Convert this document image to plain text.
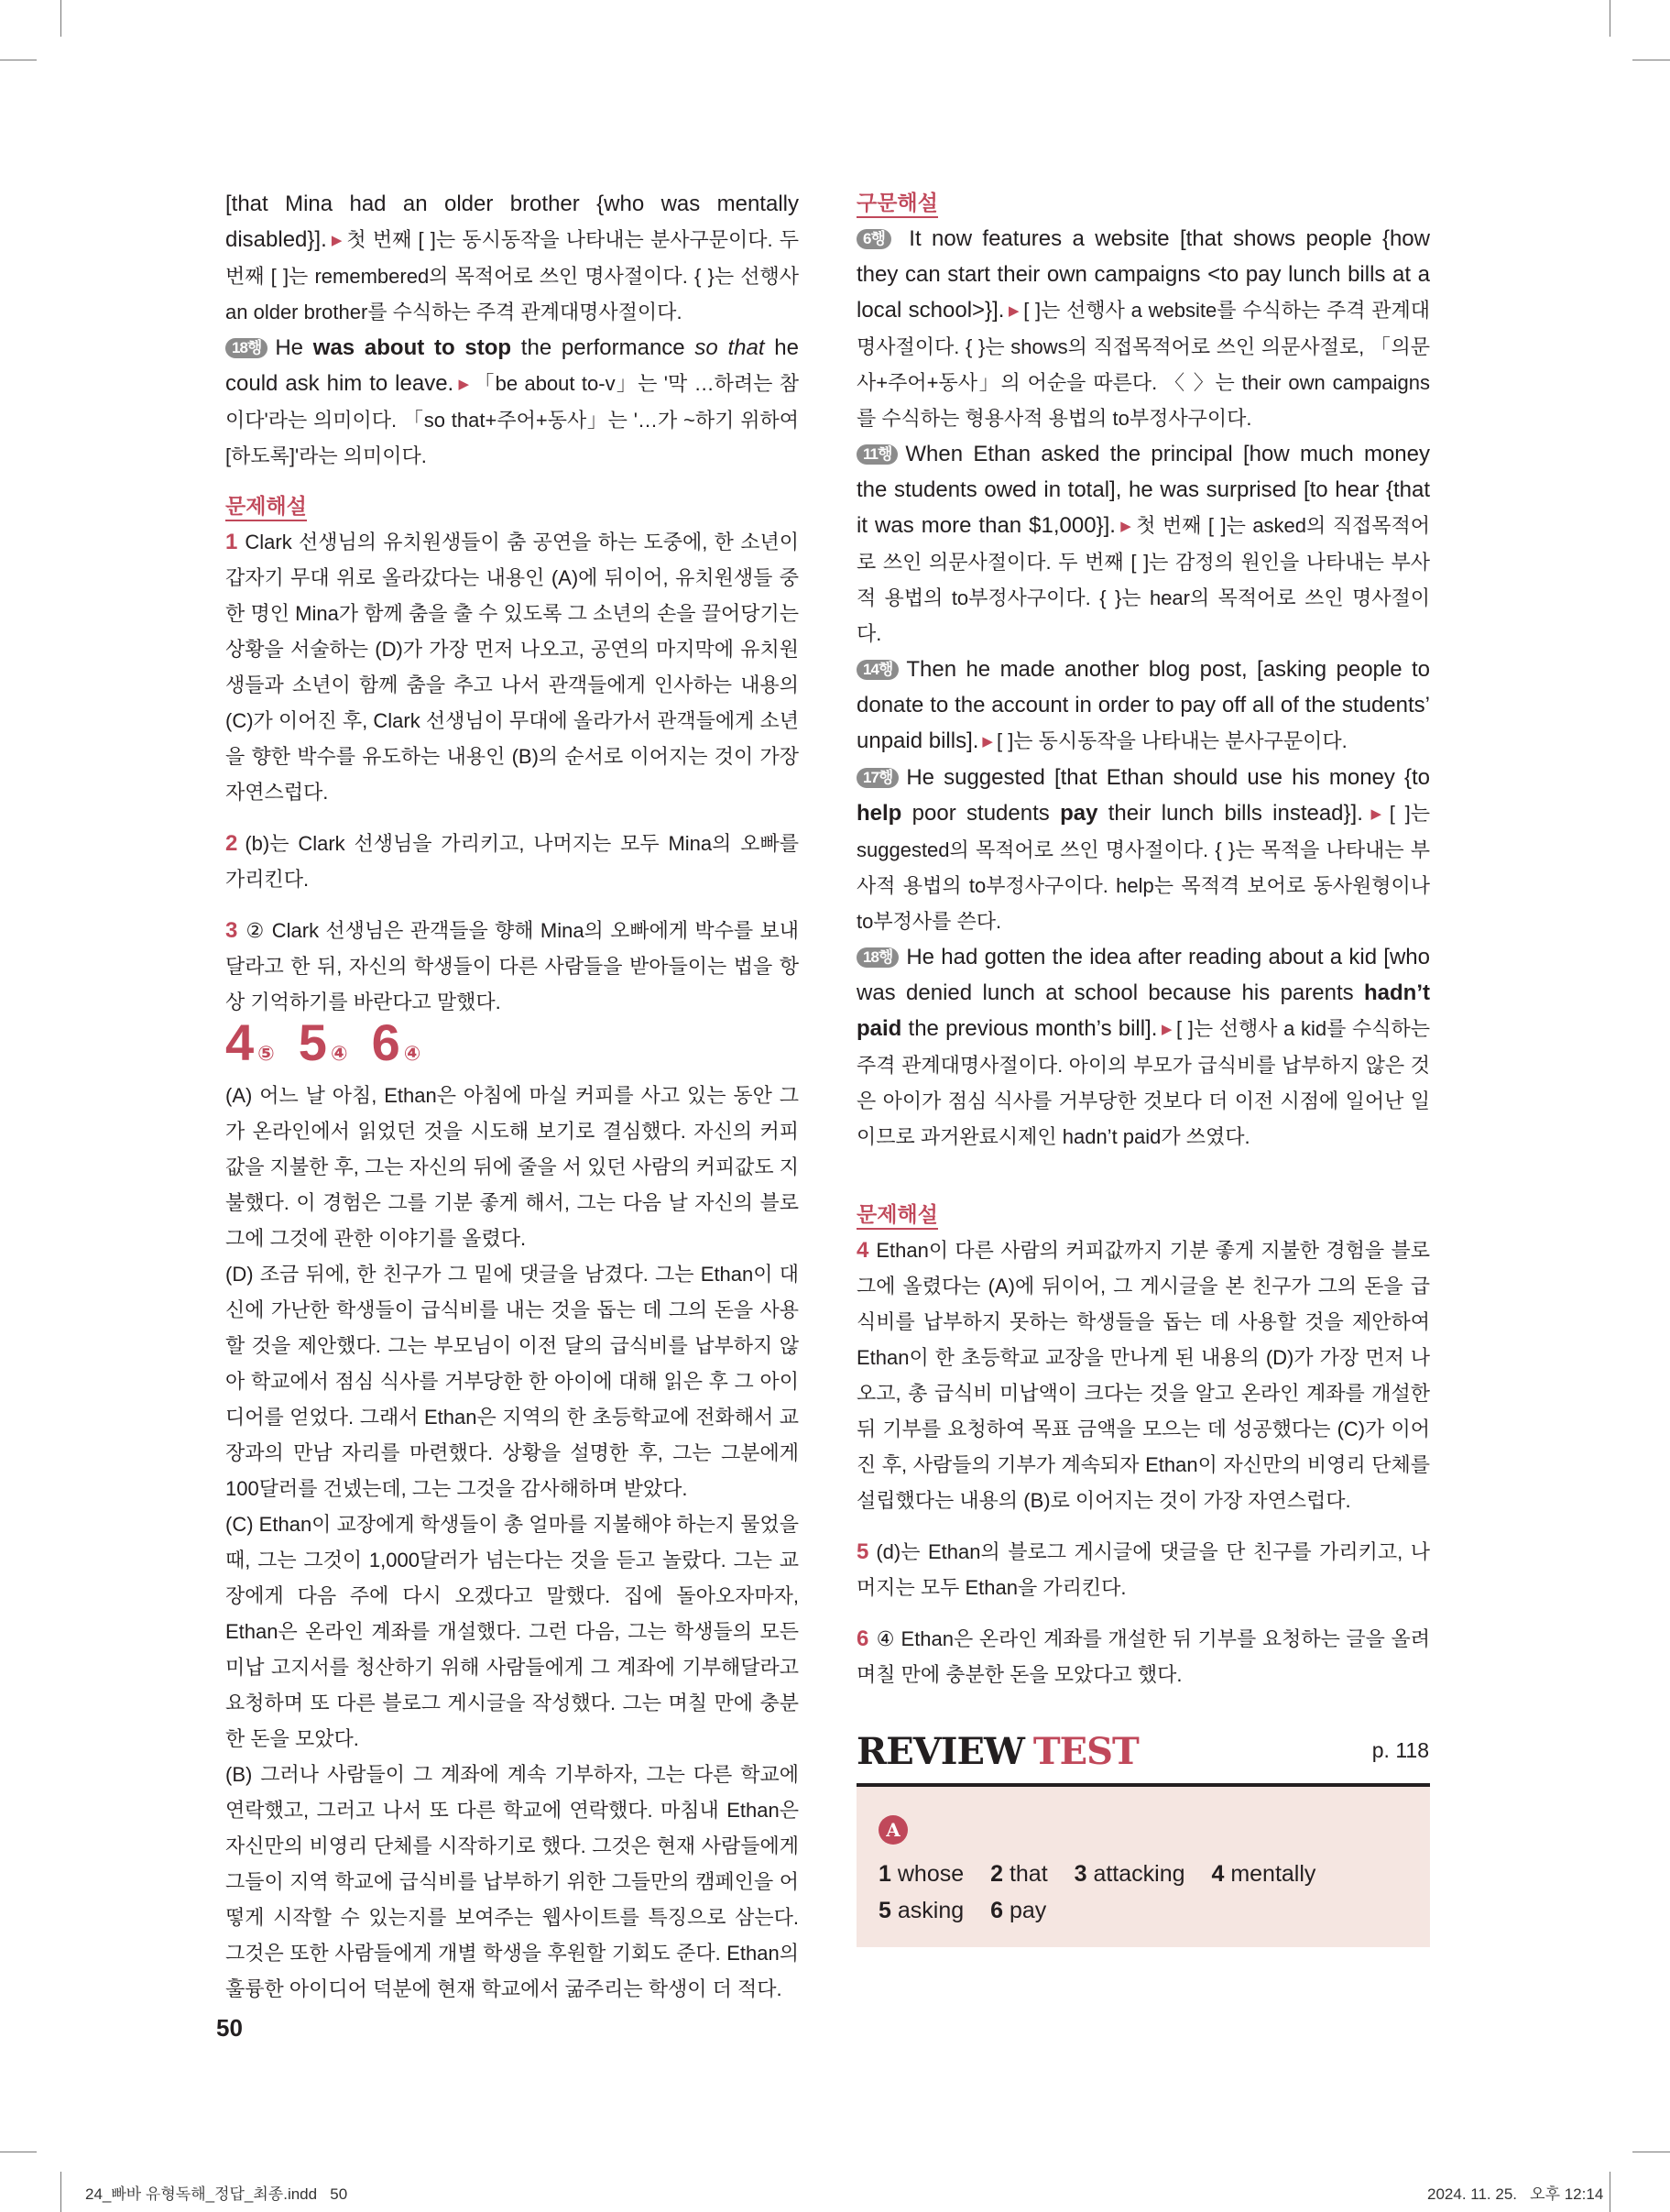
[that Mina had an older brother {who was mentally disabled}]. ▶ 첫 번째 [ ]는 동시동작을 나타내는 분사구문이다. 두 번째 [ ]는 remembered의 목적어로 쓰인 명사절이다. { }는 선행사 an older brother를 수식하는 주격 관계대명사절이다.

18행 He was about to stop the performance so that he could ask him to leave. ▶ 「be about to-v」는 '막 …하려는 참이다'라는 의미이다. 「so that+주어+동사」는 '…가 ~하기 위하여[하도록]'라는 의미이다.

문제해설

1 Clark 선생님의 유치원생들이 춤 공연을 하는 도중에, 한 소년이 갑자기 무대 위로 올라갔다는 내용인 (A)에 뒤이어, 유치원생들 중 한 명인 Mina가 함께 춤을 출 수 있도록 그 소년의 손을 끌어당기는 상황을 서술하는 (D)가 가장 먼저 나오고, 공연의 마지막에 유치원생들과 소년이 함께 춤을 추고 나서 관객들에게 인사하는 내용의 (C)가 이어진 후, Clark 선생님이 무대에 올라가서 관객들에게 소년을 향한 박수를 유도하는 내용인 (B)의 순서로 이어지는 것이 가장 자연스럽다.

2 (b)는 Clark 선생님을 가리키고, 나머지는 모두 Mina의 오빠를 가리킨다.

3 ② Clark 선생님은 관객들을 향해 Mina의 오빠에게 박수를 보내달라고 한 뒤, 자신의 학생들이 다른 사람들을 받아들이는 법을 항상 기억하기를 바란다고 말했다.

4 ⑤ 5 ④ 6 ④

(A) 어느 날 아침, Ethan은 아침에 마실 커피를 사고 있는 동안 그가 온라인에서 읽었던 것을 시도해 보기로 결심했다. 자신의 커피값을 지불한 후, 그는 자신의 뒤에 줄을 서 있던 사람의 커피값도 지불했다. 이 경험은 그를 기분 좋게 해서, 그는 다음 날 자신의 블로그에 그것에 관한 이야기를 올렸다.

(D) 조금 뒤에, 한 친구가 그 밑에 댓글을 남겼다. 그는 Ethan이 대신에 가난한 학생들이 급식비를 내는 것을 돕는 데 그의 돈을 사용할 것을 제안했다. 그는 부모님이 이전 달의 급식비를 납부하지 않아 학교에서 점심 식사를 거부당한 한 아이에 대해 읽은 후 그 아이디어를 얻었다. 그래서 Ethan은 지역의 한 초등학교에 전화해서 교장과의 만남 자리를 마련했다. 상황을 설명한 후, 그는 그분에게 100달러를 건넸는데, 그는 그것을 감사해하며 받았다.

(C) Ethan이 교장에게 학생들이 총 얼마를 지불해야 하는지 물었을 때, 그는 그것이 1,000달러가 넘는다는 것을 듣고 놀랐다. 그는 교장에게 다음 주에 다시 오겠다고 말했다. 집에 돌아오자마자, Ethan은 온라인 계좌를 개설했다. 그런 다음, 그는 학생들의 모든 미납 고지서를 청산하기 위해 사람들에게 그 계좌에 기부해달라고 요청하며 또 다른 블로그 게시글을 작성했다. 그는 며칠 만에 충분한 돈을 모았다.

(B) 그러나 사람들이 그 계좌에 계속 기부하자, 그는 다른 학교에 연락했고, 그러고 나서 또 다른 학교에 연락했다. 마침내 Ethan은 자신만의 비영리 단체를 시작하기로 했다. 그것은 현재 사람들에게 그들이 지역 학교에 급식비를 납부하기 위한 그들만의 캠페인을 어떻게 시작할 수 있는지를 보여주는 웹사이트를 특징으로 삼는다. 그것은 또한 사람들에게 개별 학생을 후원할 기회도 준다. Ethan의 훌륭한 아이디어 덕분에 현재 학교에서 굶주리는 학생이 더 적다.

50
구문해설

6행 It now features a website [that shows people {how they can start their own campaigns <to pay lunch bills at a local school>}]. ▶ [ ]는 선행사 a website를 수식하는 주격 관계대명사절이다. { }는 shows의 직접목적어로 쓰인 의문사절로, 「의문사+주어+동사」의 어순을 따른다. 〈 〉는 their own campaigns를 수식하는 형용사적 용법의 to부정사구이다.

11행 When Ethan asked the principal [how much money the students owed in total], he was surprised [to hear {that it was more than $1,000}]. ▶ 첫 번째 [ ]는 asked의 직접목적어로 쓰인 의문사절이다. 두 번째 [ ]는 감정의 원인을 나타내는 부사적 용법의 to부정사구이다. { }는 hear의 목적어로 쓰인 명사절이다.

14행 Then he made another blog post, [asking people to donate to the account in order to pay off all of the students’ unpaid bills]. ▶ [ ]는 동시동작을 나타내는 분사구문이다.

17행 He suggested [that Ethan should use his money {to help poor students pay their lunch bills instead}]. ▶ [ ]는 suggested의 목적어로 쓰인 명사절이다. { }는 목적을 나타내는 부사적 용법의 to부정사구이다. help는 목적격 보어로 동사원형이나 to부정사를 쓴다.

18행 He had gotten the idea after reading about a kid [who was denied lunch at school because his parents hadn’t paid the previous month’s bill]. ▶ [ ]는 선행사 a kid를 수식하는 주격 관계대명사절이다. 아이의 부모가 급식비를 납부하지 않은 것은 아이가 점심 식사를 거부당한 것보다 더 이전 시점에 일어난 일이므로 과거완료시제인 hadn’t paid가 쓰였다.

문제해설

4 Ethan이 다른 사람의 커피값까지 기분 좋게 지불한 경험을 블로그에 올렸다는 (A)에 뒤이어, 그 게시글을 본 친구가 그의 돈을 급식비를 납부하지 못하는 학생들을 돕는 데 사용할 것을 제안하여 Ethan이 한 초등학교 교장을 만나게 된 내용의 (D)가 가장 먼저 나오고, 총 급식비 미납액이 크다는 것을 알고 온라인 계좌를 개설한 뒤 기부를 요청하여 목표 금액을 모으는 데 성공했다는 (C)가 이어진 후, 사람들의 기부가 계속되자 Ethan이 자신만의 비영리 단체를 설립했다는 내용의 (B)로 이어지는 것이 가장 자연스럽다.

5 (d)는 Ethan의 블로그 게시글에 댓글을 단 친구를 가리키고, 나머지는 모두 Ethan을 가리킨다.

6 ④ Ethan은 온라인 계좌를 개설한 뒤 기부를 요청하는 글을 올려 며칠 만에 충분한 돈을 모았다고 했다.

REVIEW TEST	p. 118
A
1 whose 2 that 3 attacking 4 mentally
5 asking 6 pay
24_빠바 유형독해_정답_최종.indd   50	2024. 11. 25.   오후 12:14
